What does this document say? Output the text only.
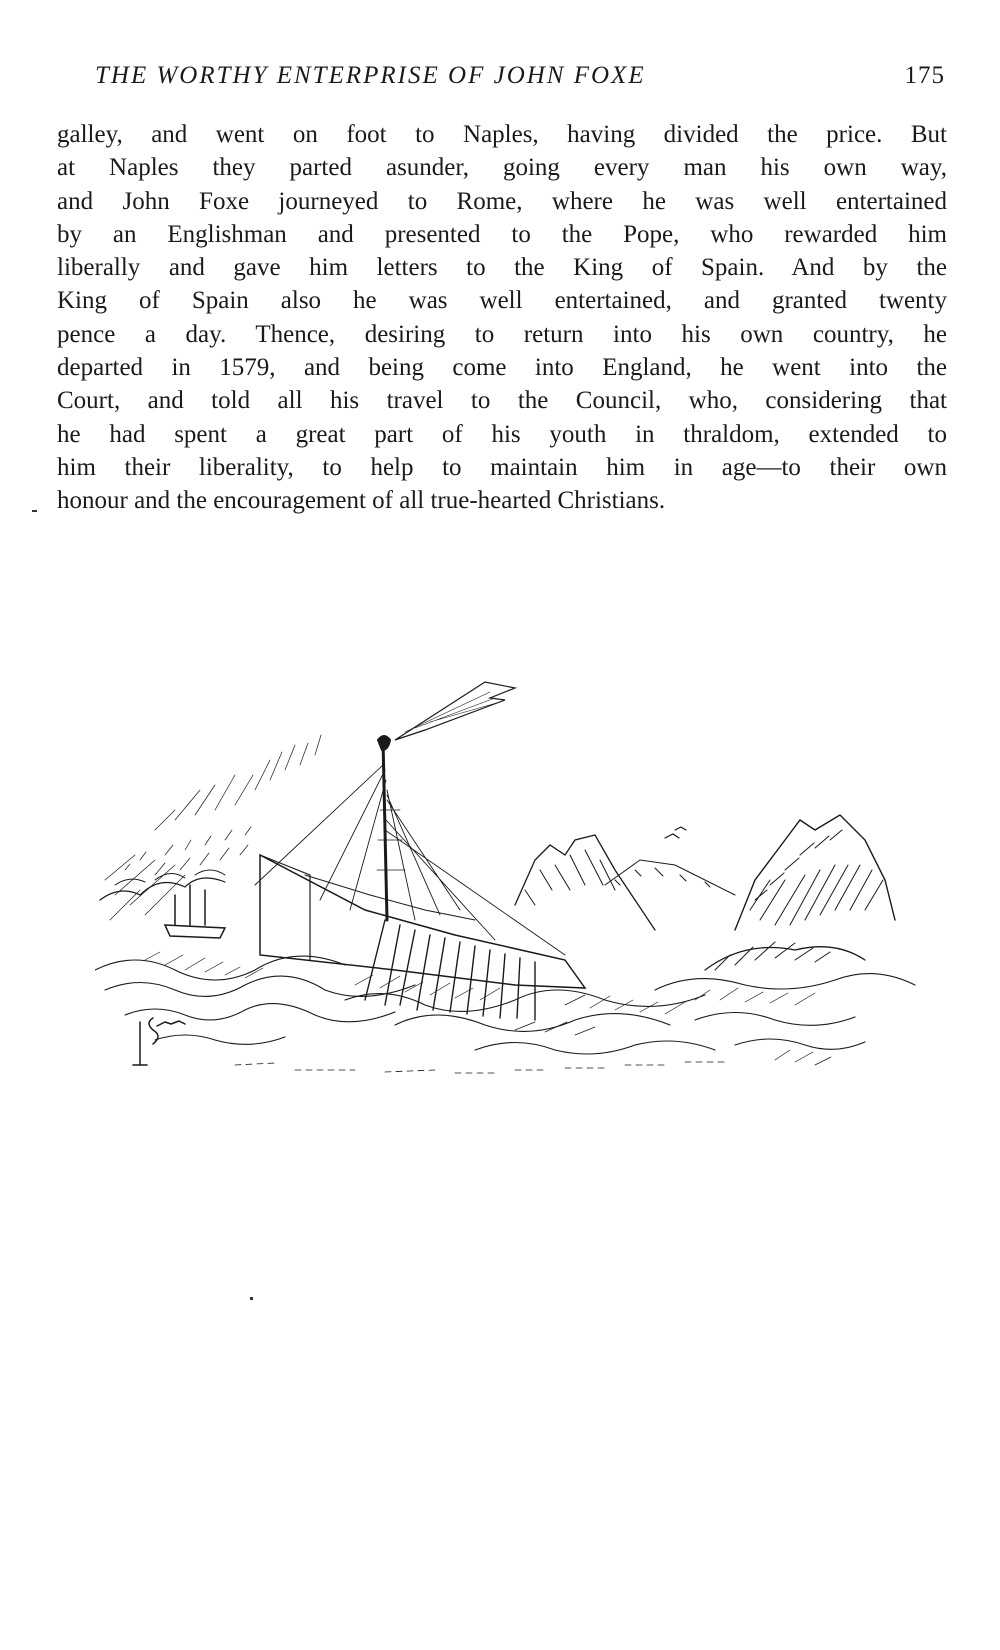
THE WORTHY ENTERPRISE OF JOHN FOXE	175
galley, and went on foot to Naples, having divided the price. But
at Naples they parted asunder, going every man his own way,
and John Foxe journeyed to Rome, where he was well entertained
by an Englishman and presented to the Pope, who rewarded him
liberally and gave him letters to the King of Spain. And by the
King of Spain also he was well entertained, and granted twenty
pence a day. Thence, desiring to return into his own country, he
departed in 1579, and being come into England, he went into the
Court, and told all his travel to the Council, who, considering that
he had spent a great part of his youth in thraldom, extended to
him their liberality, to help to maintain him in age—to their own
honour and the encouragement of all true-hearted Christians.
